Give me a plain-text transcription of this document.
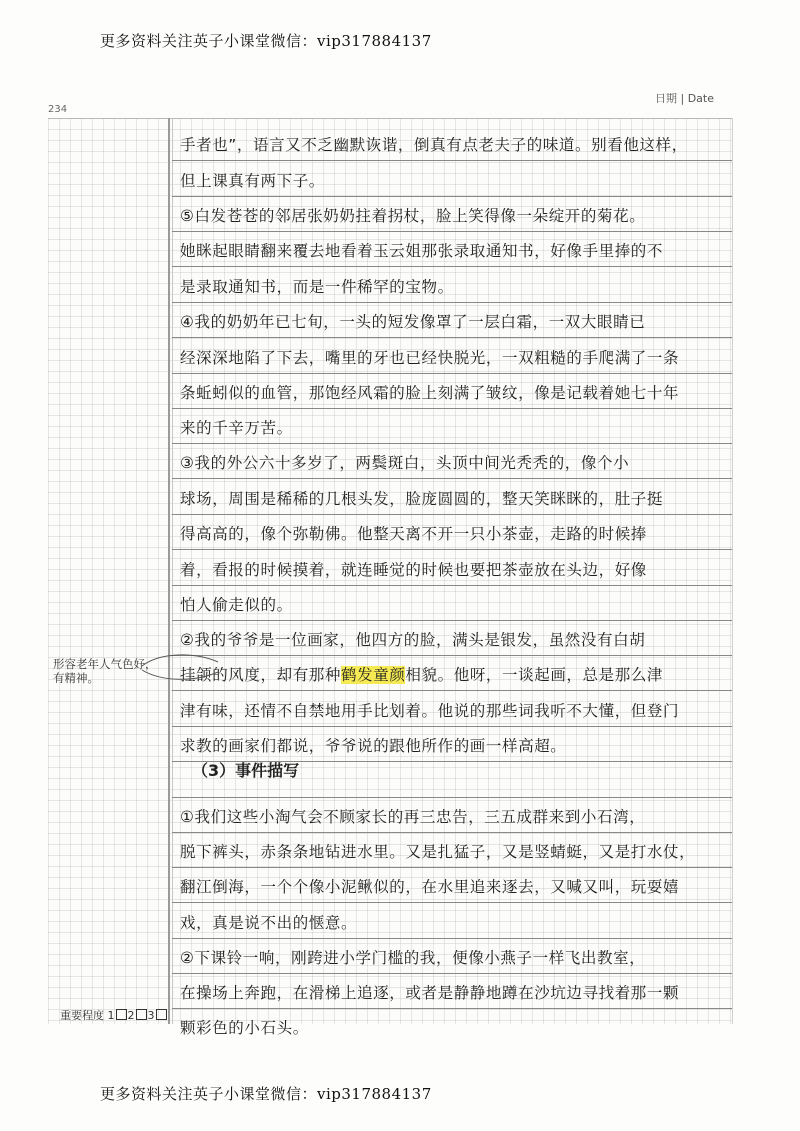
更多资料关注英子小课堂微信：vip317884137
234
日期 | Date
手者也”，语言又不乏幽默诙谐，倒真有点老夫子的味道。别看他这样，
但上课真有两下子。
⑤白发苍苍的邻居张奶奶拄着拐杖，脸上笑得像一朵绽开的菊花。
她眯起眼睛翻来覆去地看着玉云姐那张录取通知书，好像手里捧的不
是录取通知书，而是一件稀罕的宝物。
④我的奶奶年已七旬，一头的短发像罩了一层白霜，一双大眼睛已
经深深地陷了下去，嘴里的牙也已经快脱光，一双粗糙的手爬满了一条
条蚯蚓似的血管，那饱经风霜的脸上刻满了皱纹，像是记载着她七十年
来的千辛万苦。
③我的外公六十多岁了，两鬓斑白，头顶中间光秃秃的，像个小
球场，周围是稀稀的几根头发，脸庞圆圆的，整天笑眯眯的，肚子挺
得高高的，像个弥勒佛。他整天离不开一只小茶壶，走路的时候捧
着，看报的时候摸着，就连睡觉的时候也要把茶壶放在头边，好像
怕人偷走似的。
②我的爷爷是一位画家，他四方的脸，满头是银发，虽然没有白胡
挂颌的风度，却有那种鹤发童颜相貌。他呀，一谈起画，总是那么津
津有味，还情不自禁地用手比划着。他说的那些词我听不大懂，但登门
求教的画家们都说，爷爷说的跟他所作的画一样高超。
（3）事件描写
①我们这些小淘气会不顾家长的再三忠告，三五成群来到小石湾，
脱下裤头，赤条条地钻进水里。又是扎猛子，又是竖蜻蜓，又是打水仗，
翻江倒海，一个个像小泥鳅似的，在水里追来逐去，又喊又叫，玩耍嬉
戏，真是说不出的惬意。
②下课铃一响，刚跨进小学门槛的我，便像小燕子一样飞出教室，
在操场上奔跑，在滑梯上追逐，或者是静静地蹲在沙坑边寻找着那一颗
颗彩色的小石头。
形容老年人气色好，有精神。
重要程度 1 2 3
更多资料关注英子小课堂微信：vip317884137
